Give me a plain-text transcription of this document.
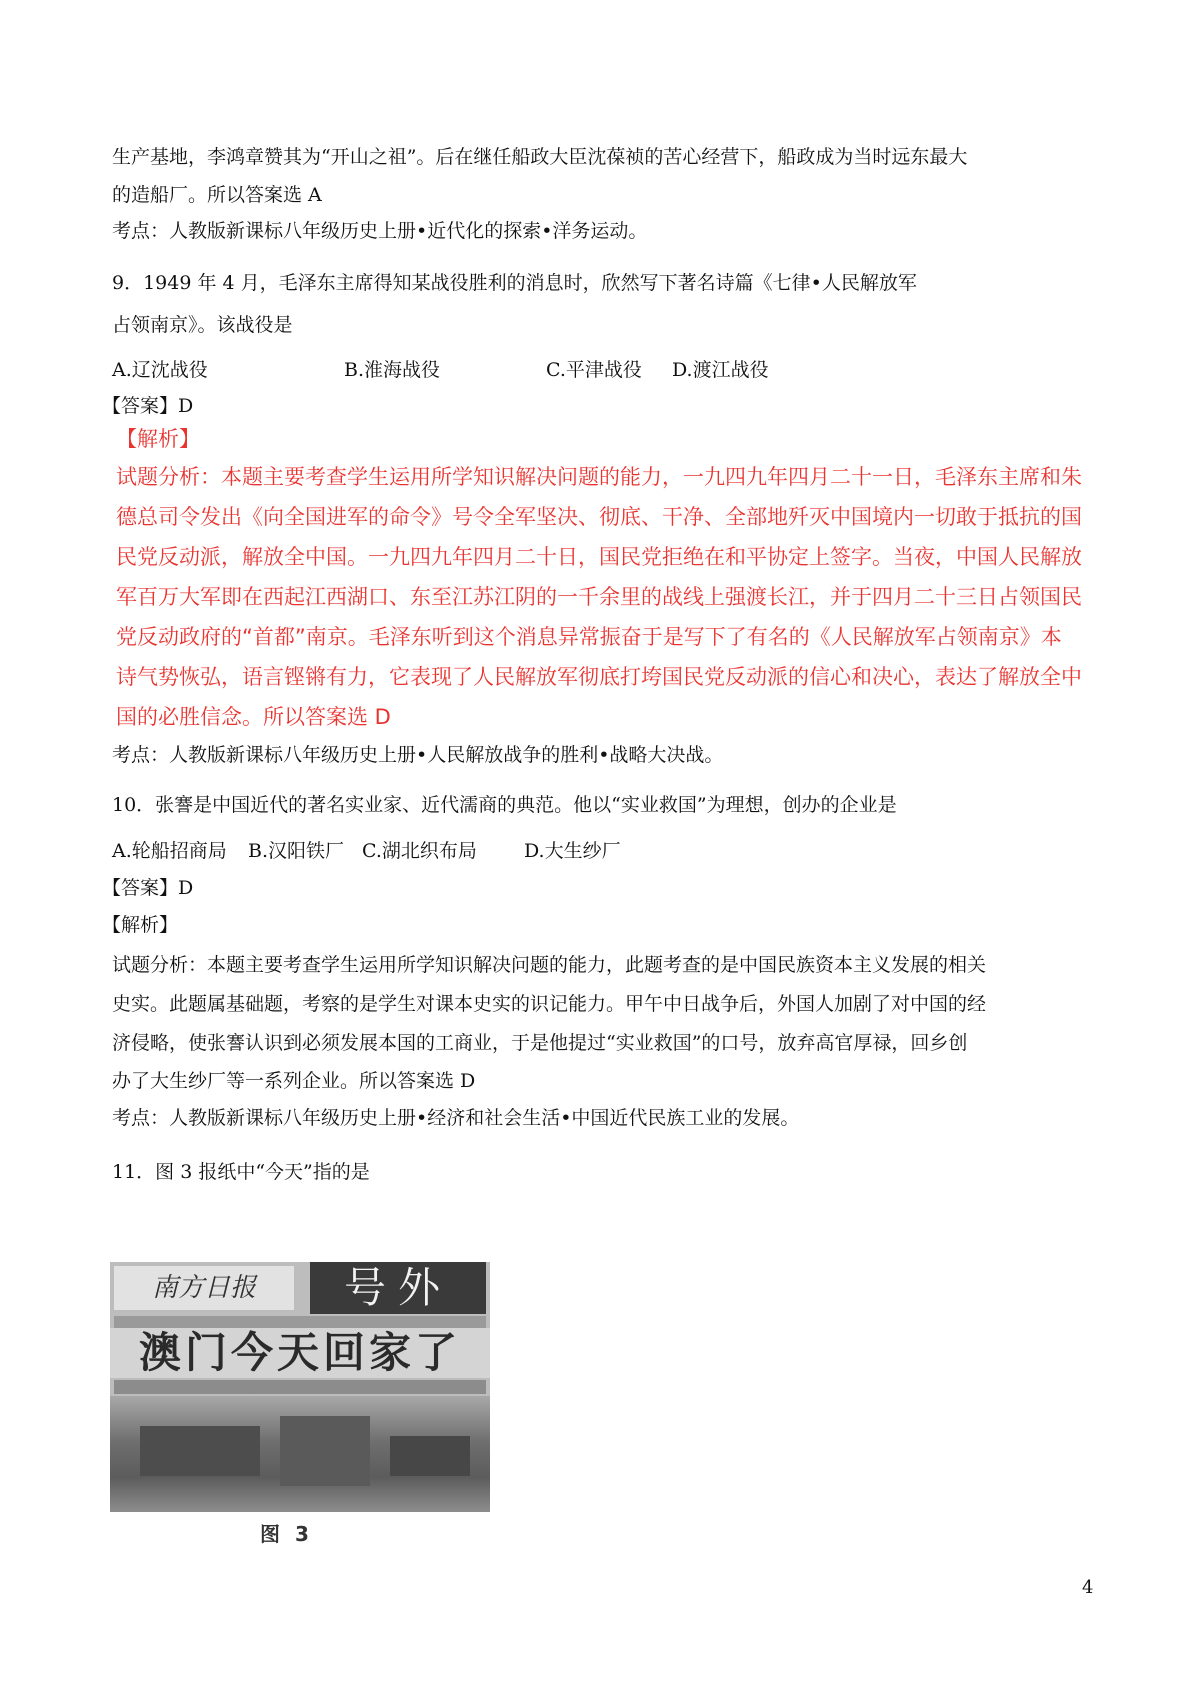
生产基地，李鸿章赞其为“开山之祖”。后在继任船政大臣沈葆祯的苦心经营下，船政成为当时远东最大
的造船厂。所以答案选 A
考点：人教版新课标八年级历史上册•近代化的探索•洋务运动。
9．1949 年 4 月，毛泽东主席得知某战役胜利的消息时，欣然写下著名诗篇《七律•人民解放军
占领南京》。该战役是
A.辽沈战役	B.淮海战役	C.平津战役 D.渡江战役
【答案】D
【解析】
试题分析：本题主要考查学生运用所学知识解决问题的能力，一九四九年四月二十一日，毛泽东主席和朱
德总司令发出《向全国进军的命令》号令全军坚决、彻底、干净、全部地歼灭中国境内一切敢于抵抗的国
民党反动派，解放全中国。一九四九年四月二十日，国民党拒绝在和平协定上签字。当夜，中国人民解放
军百万大军即在西起江西湖口、东至江苏江阴的一千余里的战线上强渡长江，并于四月二十三日占领国民
党反动政府的“首都”南京。毛泽东听到这个消息异常振奋于是写下了有名的《人民解放军占领南京》本
诗气势恢弘，语言铿锵有力，它表现了人民解放军彻底打垮国民党反动派的信心和决心，表达了解放全中
国的必胜信念。所以答案选 D
考点：人教版新课标八年级历史上册•人民解放战争的胜利•战略大决战。
10．张謇是中国近代的著名实业家、近代濡商的典范。他以“实业救国”为理想，创办的企业是
A.轮船招商局 B.汉阳铁厂 C.湖北织布局 D.大生纱厂
【答案】D
【解析】
试题分析：本题主要考查学生运用所学知识解决问题的能力，此题考查的是中国民族资本主义发展的相关
史实。此题属基础题，考察的是学生对课本史实的识记能力。甲午中日战争后，外国人加剧了对中国的经
济侵略，使张謇认识到必须发展本国的工商业，于是他提过“实业救国”的口号，放弃高官厚禄，回乡创
办了大生纱厂等一系列企业。所以答案选 D
考点：人教版新课标八年级历史上册•经济和社会生活•中国近代民族工业的发展。
11．图 3 报纸中“今天”指的是
南方日报	号外
澳门今天回家了
图 3
4
